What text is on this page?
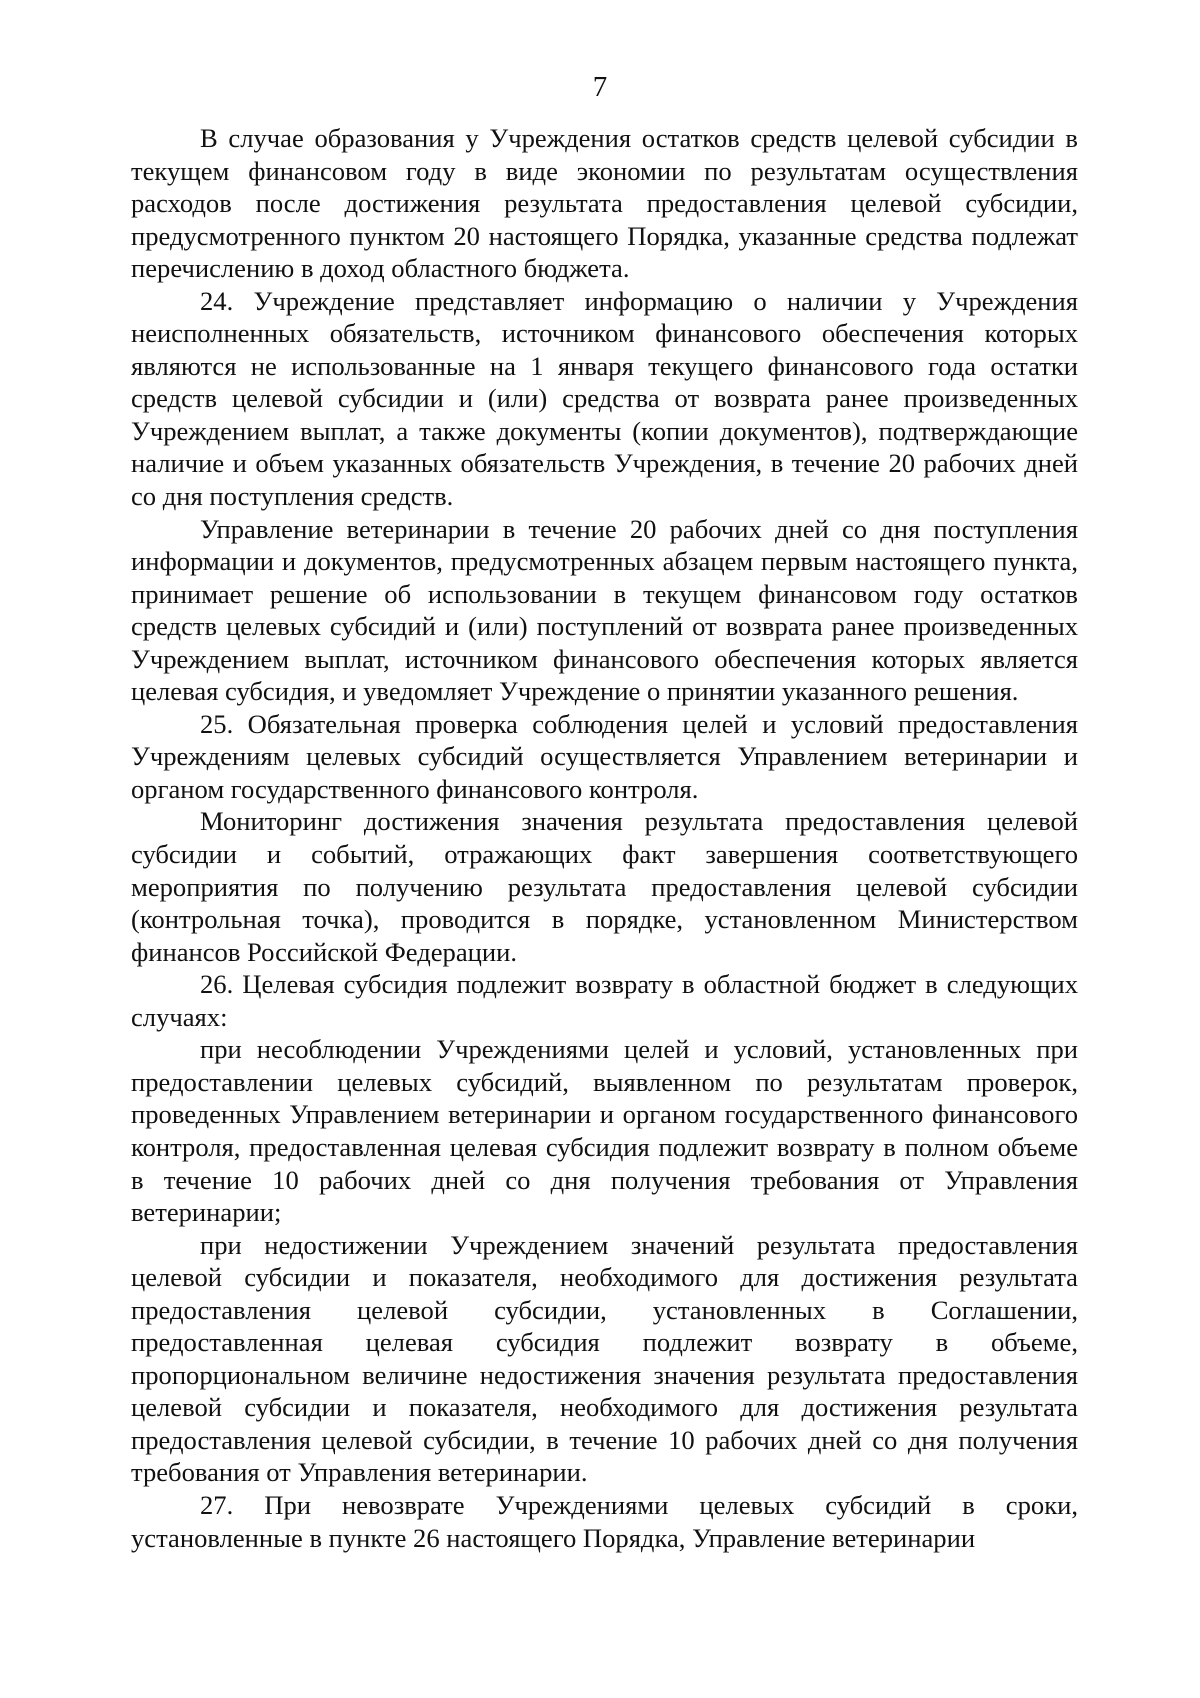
7

В случае образования у Учреждения остатков средств целевой субсидии в текущем финансовом году в виде экономии по результатам осуществления расходов после достижения результата предоставления целевой субсидии, предусмотренного пунктом 20 настоящего Порядка, указанные средства подлежат перечислению в доход областного бюджета.

24. Учреждение представляет информацию о наличии у Учреждения неисполненных обязательств, источником финансового обеспечения которых являются не использованные на 1 января текущего финансового года остатки средств целевой субсидии и (или) средства от возврата ранее произведенных Учреждением выплат, а также документы (копии документов), подтверждающие наличие и объем указанных обязательств Учреждения, в течение 20 рабочих дней со дня поступления средств.

Управление ветеринарии в течение 20 рабочих дней со дня поступления информации и документов, предусмотренных абзацем первым настоящего пункта, принимает решение об использовании в текущем финансовом году остатков средств целевых субсидий и (или) поступлений от возврата ранее произведенных Учреждением выплат, источником финансового обеспечения которых является целевая субсидия, и уведомляет Учреждение о принятии указанного решения.

25. Обязательная проверка соблюдения целей и условий предоставления Учреждениям целевых субсидий осуществляется Управлением ветеринарии и органом государственного финансового контроля.

Мониторинг достижения значения результата предоставления целевой субсидии и событий, отражающих факт завершения соответствующего мероприятия по получению результата предоставления целевой субсидии (контрольная точка), проводится в порядке, установленном Министерством финансов Российской Федерации.

26. Целевая субсидия подлежит возврату в областной бюджет в следующих случаях:

при несоблюдении Учреждениями целей и условий, установленных при предоставлении целевых субсидий, выявленном по результатам проверок, проведенных Управлением ветеринарии и органом государственного финансового контроля, предоставленная целевая субсидия подлежит возврату в полном объеме в течение 10 рабочих дней со дня получения требования от Управления ветеринарии;

при недостижении Учреждением значений результата предоставления целевой субсидии и показателя, необходимого для достижения результата предоставления целевой субсидии, установленных в Соглашении, предоставленная целевая субсидия подлежит возврату в объеме, пропорциональном величине недостижения значения результата предоставления целевой субсидии и показателя, необходимого для достижения результата предоставления целевой субсидии, в течение 10 рабочих дней со дня получения требования от Управления ветеринарии.

27. При невозврате Учреждениями целевых субсидий в сроки, установленные в пункте 26 настоящего Порядка, Управление ветеринарии
